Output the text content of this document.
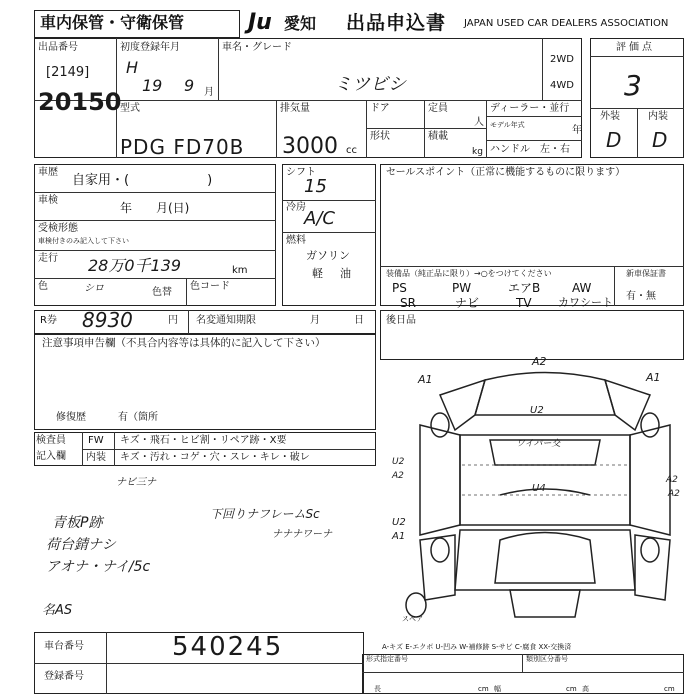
車内保管・守衛保管	Ju 愛知 出品申込書 JAPAN USED CAR DEALERS ASSOCIATION
出品番号
[2149]
20150
初度登録年月
H
19 9 月
車名・グレード
ミツビシ
2WD
4WD
型式
PDG FD70B
排気量
3000 cc
ドア	定員
人
形状	積載
kg
ディーラー・並行
モデル年式	年
ハンドル　左・右
評価点
3
外装	内装
D D
車歴
自家用・(　　　　　　)
車検
年　　月(日)
受検形態
車検付きのみ記入して下さい
走行 28万0千139	km
色	シロ	色替
色コード
シフト
15
冷房
A/C
燃料
ガソリン
軽 油
セールスポイント（正常に機能するものに限ります）
装備品（純正品に限り）→○をつけてください
PS	PW	エアB	AW
SR	ナビ	TV カワシート
新車保証書
有・無
R券 8930	円 名変通知期限	月	日 後日品
注意事項申告欄（不具合内容等は具体的に記入して下さい）
修復歴	有（箇所
検査員
記入欄
FW キズ・飛石・ヒビ割・リペア跡・X要
内装 キズ・汚れ・コゲ・穴・スレ・キレ・破レ
ナビ三ナ
青板P跡
荷台錆ナシ
アオナ・ナイ/5c
下回りナフレームSc
ナナナワーナ
名AS
A2
A1	A1
U2
U2
A2
U2
A1
A2
A2
ワイパー交
U4
スペア
車台番号	540245
登録番号
A-キズ E-エクボ U-凹み W-補修跡 S-サビ C-腐食 XX-交換済
形式指定番号	類別区分番号
長	cm 幅	cm 高	cm
